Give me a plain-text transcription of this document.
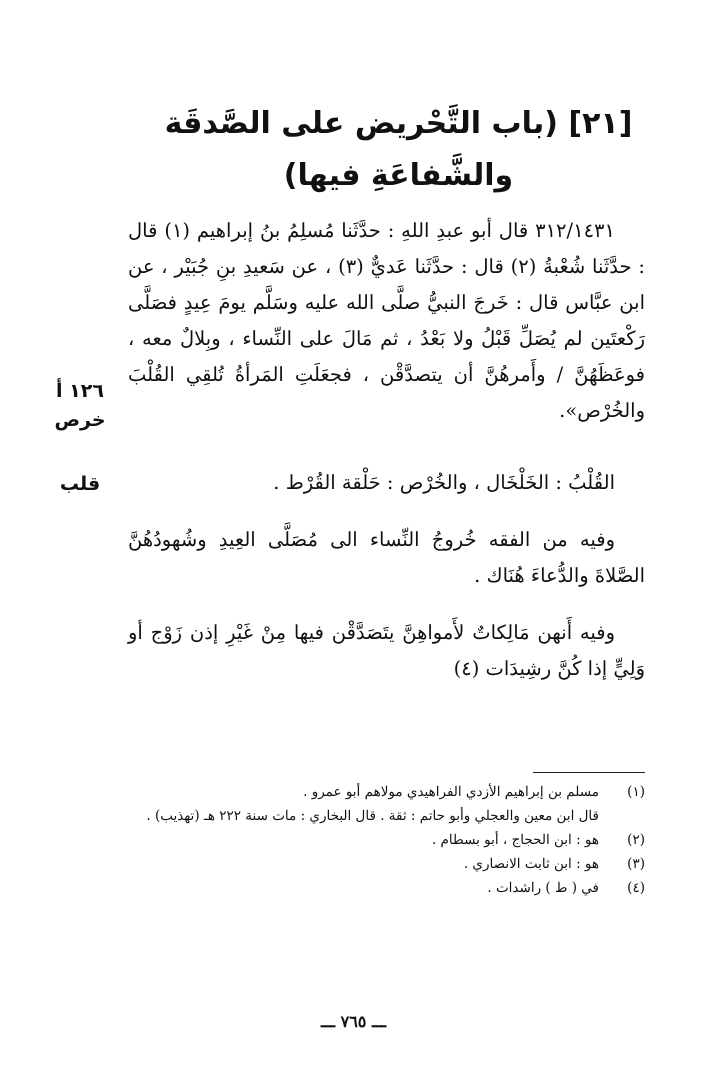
[٢١] (باب التَّحْريض على الصَّدقَة والشَّفاعَةِ فيها)

٣١٢/١٤٣١ قال أبو عبدِ اللهِ : حدَّثَنا مُسلِمُ بنُ إبراهيم (١) قال : حدَّثَنا شُعْبةُ (٢) قال : حدَّثَنا عَديٌّ (٣) ، عن سَعيدِ بنِ جُبَيْر ، عن ابن عبَّاس قال : خَرجَ النبيُّ صلَّى الله عليه وسَلَّم يومَ عِيدٍ فصَلَّى رَكْعتَين لم يُصَلِّ قَبْلُ ولا بَعْدُ ، ثم مَالَ على النِّساء ، وبِلالٌ معه ، فوعَظَهُنَّ / وأَمرهُنَّ أن يتصدَّقْن ، فجعَلَتِ المَرأةُ تُلقِي القُلْبَ والخُرْص».

١٢٦ أ
خرص
قلب	القُلْبُ : الخَلْخَال ، والخُرْص : حَلْقة القُرْط .

وفيه من الفقه خُروجُ النِّساء الى مُصَلَّى العِيدِ وشُهودُهُنَّ الصَّلاةَ والدُّعاءَ هُنَاك .

وفيه أَنهن مَالِكاتٌ لأَمواهِنَّ يتَصَدَّقْن فيها مِنْ غَيْرِ إذن زَوْج أو وَلِيٍّ إذا كُنَّ رشِيدَات (٤)

(١)
مسلم بن إبراهيم الأزدي الفراهيدي مولاهم أبو عمرو .
قال ابن معين والعجلي وأبو حاتم : ثقة . قال البخاري : مات سنة ٢٢٢ هـ (تهذيب) .
(٢)
هو : ابن الحجاج ، أبو بسطام .
(٣)
هو : ابن ثابت الانصاري .
(٤)
في ( ط ) راشدات .
ـــ ٧٦٥ ـــ
